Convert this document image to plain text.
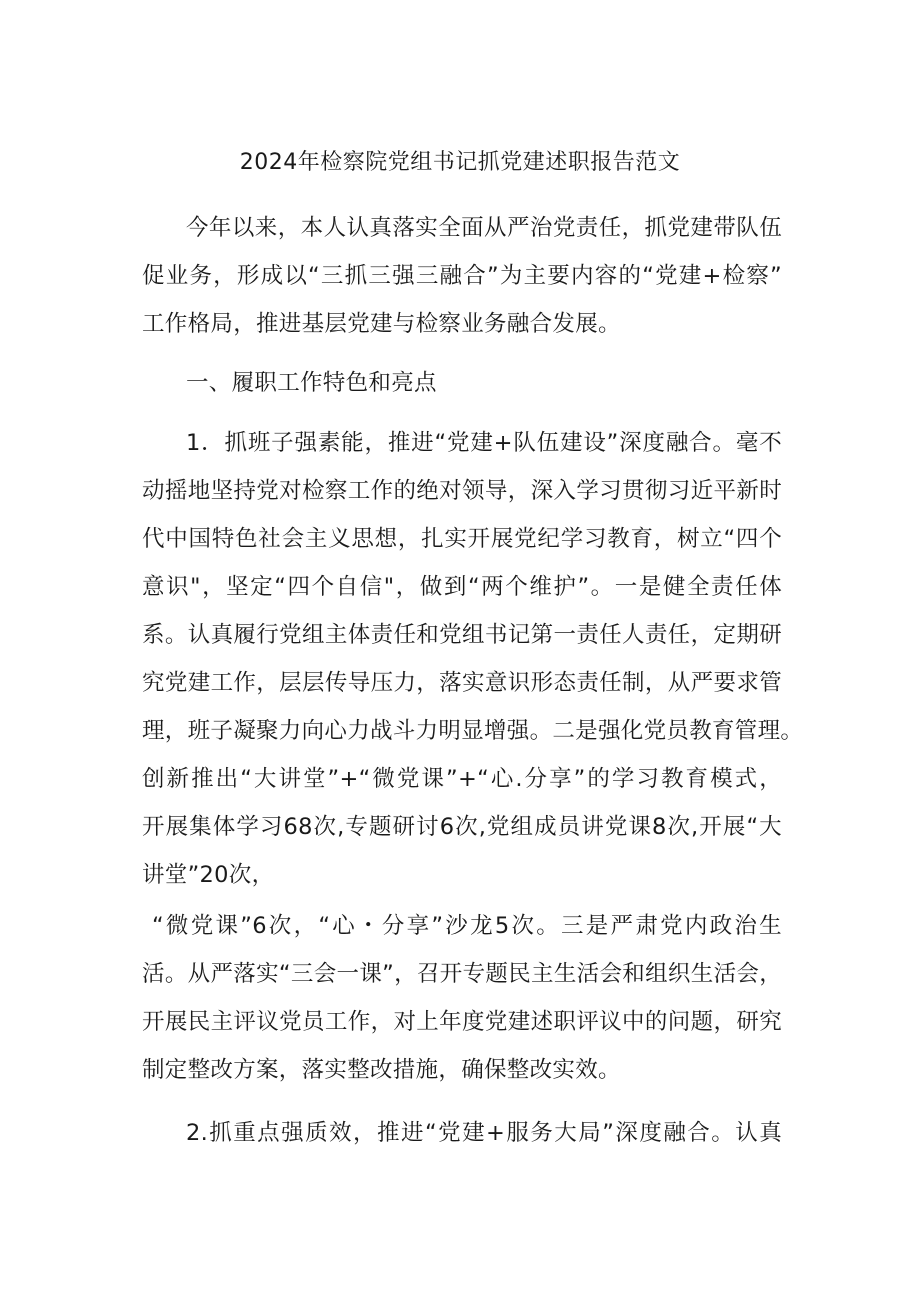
2024年检察院党组书记抓党建述职报告范文
今年以来，本人认真落实全面从严治党责任，抓党建带队伍
促业务，形成以“三抓三强三融合”为主要内容的“党建+检察”
工作格局，推进基层党建与检察业务融合发展。
一、履职工作特色和亮点
1．抓班子强素能，推进“党建+队伍建设”深度融合。毫不
动摇地坚持党对检察工作的绝对领导，深入学习贯彻习近平新时
代中国特色社会主义思想，扎实开展党纪学习教育，树立“四个
意识"，坚定“四个自信"，做到“两个维护”。一是健全责任体
系。认真履行党组主体责任和党组书记第一责任人责任，定期研
究党建工作，层层传导压力，落实意识形态责任制，从严要求管
理，班子凝聚力向心力战斗力明显增强。二是强化党员教育管理。
创新推出“大讲堂”+“微党课”+“心.分享”的学习教育模式，
开展集体学习68次,专题研讨6次,党组成员讲党课8次,开展“大
讲堂”20次，
“微党课”6次，“心・分享”沙龙5次。三是严肃党内政治生
活。从严落实“三会一课”，召开专题民主生活会和组织生活会，
开展民主评议党员工作，对上年度党建述职评议中的问题，研究
制定整改方案，落实整改措施，确保整改实效。
2.抓重点强质效，推进“党建+服务大局”深度融合。认真
